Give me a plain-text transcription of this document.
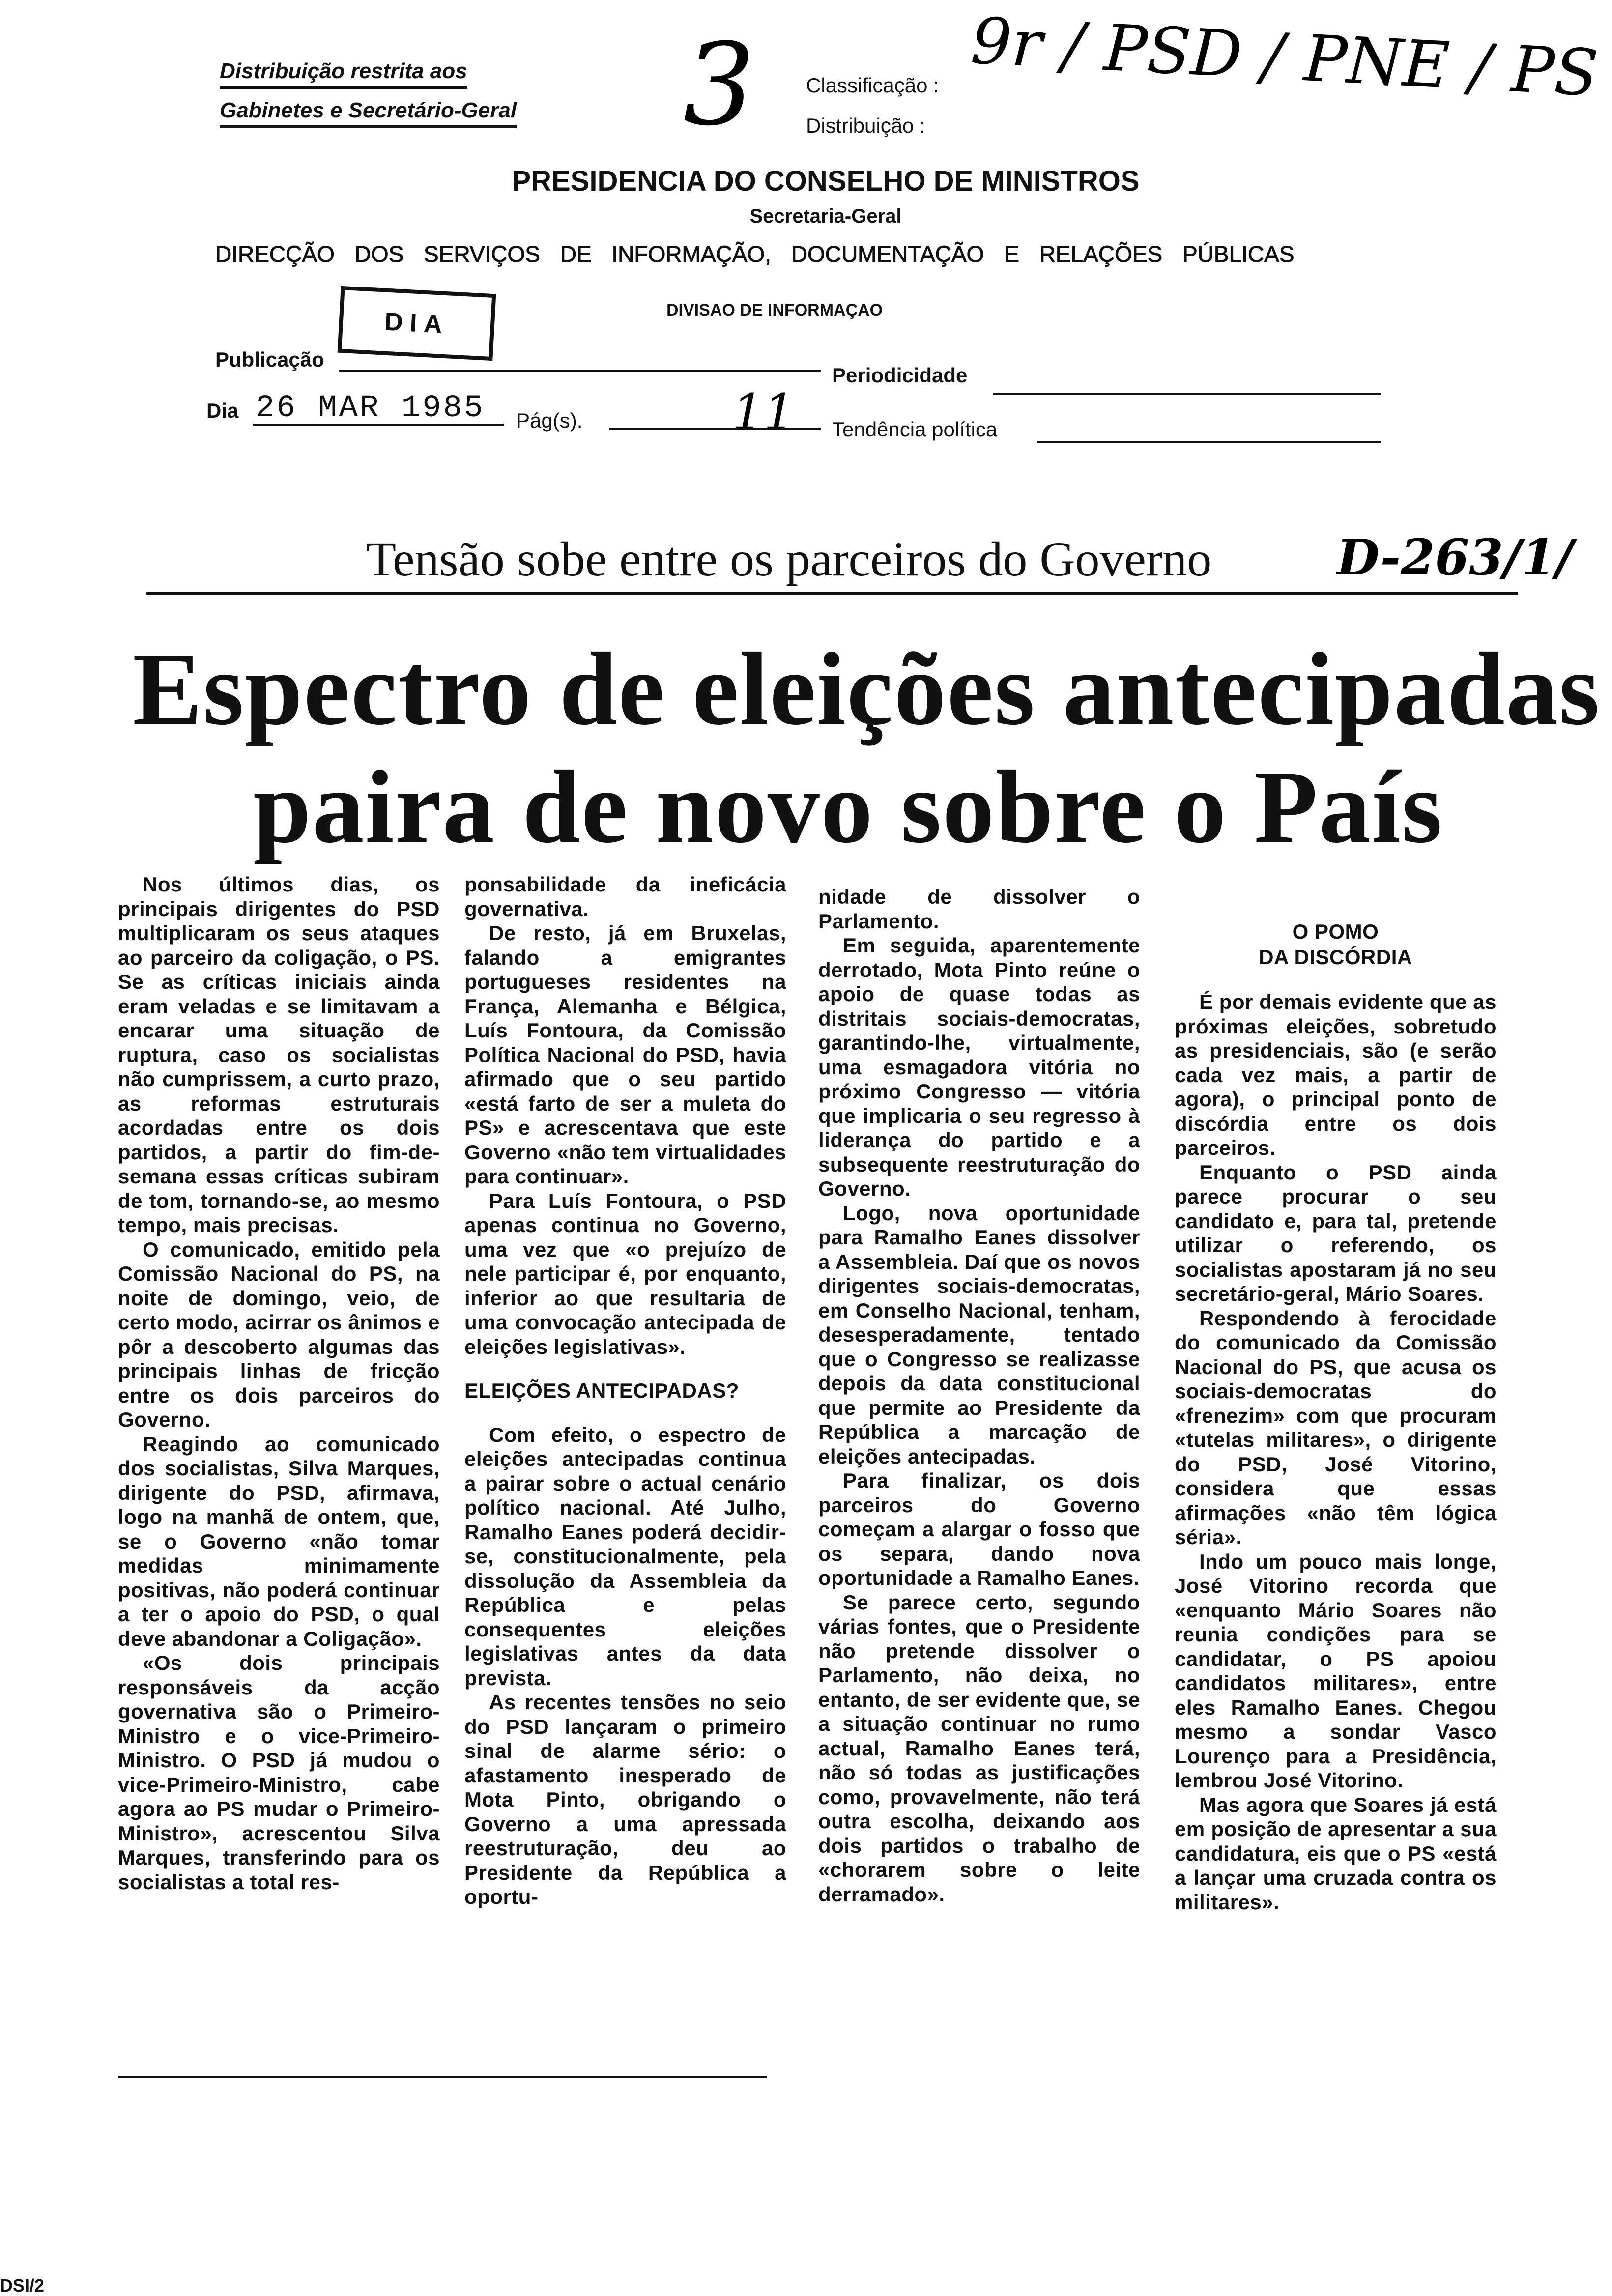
Distribuição restrita aos
Gabinetes e Secretário-Geral 3 Classificação :
Distribuição :
9r / PSD / PNE / PS
PRESIDENCIA DO CONSELHO DE MINISTROS
Secretaria-Geral
DIRECÇÃO DOS SERVIÇOS DE INFORMAÇÃO, DOCUMENTAÇÃO E RELAÇÕES PÚBLICAS
DIVISAO DE INFORMAÇAO
DIA
Publicação
Periodicidade
Dia 26 MAR 1985 Pág(s).	11 Tendência política
Tensão sobe entre os parceiros do Governo	D-263/1/
Espectro de eleições antecipadas
paira de novo sobre o País

Nos últimos dias, os principais dirigentes do PSD multiplicaram os seus ataques ao parceiro da coligação, o PS. Se as críticas iniciais ainda eram veladas e se limitavam a encarar uma situação de ruptura, caso os socialistas não cumprissem, a curto prazo, as reformas estruturais acordadas entre os dois partidos, a partir do fim-de-semana essas críticas subiram de tom, tornando-se, ao mesmo tempo, mais precisas.

O comunicado, emitido pela Comissão Nacional do PS, na noite de domingo, veio, de certo modo, acirrar os ânimos e pôr a descoberto algumas das principais linhas de fricção entre os dois parceiros do Governo.

Reagindo ao comunicado dos socialistas, Silva Marques, dirigente do PSD, afirmava, logo na manhã de ontem, que, se o Governo «não tomar medidas minimamente positivas, não poderá continuar a ter o apoio do PSD, o qual deve abandonar a Coligação».

«Os dois principais responsáveis da acção governativa são o Primeiro-Ministro e o vice-Primeiro-Ministro. O PSD já mudou o vice-Primeiro-Ministro, cabe agora ao PS mudar o Primeiro-Ministro», acrescentou Silva Marques, transferindo para os socialistas a total res-

ponsabilidade da ineficácia governativa.

De resto, já em Bruxelas, falando a emigrantes portugueses residentes na França, Alemanha e Bélgica, Luís Fontoura, da Comissão Política Nacional do PSD, havia afirmado que o seu partido «está farto de ser a muleta do PS» e acrescentava que este Governo «não tem virtualidades para continuar».

Para Luís Fontoura, o PSD apenas continua no Governo, uma vez que «o prejuízo de nele participar é, por enquanto, inferior ao que resultaria de uma convocação antecipada de eleições legislativas».

ELEIÇÕES ANTECIPADAS?

Com efeito, o espectro de eleições antecipadas continua a pairar sobre o actual cenário político nacional. Até Julho, Ramalho Eanes poderá decidir-se, constitucionalmente, pela dissolução da Assembleia da República e pelas consequentes eleições legislativas antes da data prevista.

As recentes tensões no seio do PSD lançaram o primeiro sinal de alarme sério: o afastamento inesperado de Mota Pinto, obrigando o Governo a uma apressada reestruturação, deu ao Presidente da República a oportu-

nidade de dissolver o Parlamento.

Em seguida, aparentemente derrotado, Mota Pinto reúne o apoio de quase todas as distritais sociais-democratas, garantindo-lhe, virtualmente, uma esmagadora vitória no próximo Congresso — vitória que implicaria o seu regresso à liderança do partido e a subsequente reestruturação do Governo.

Logo, nova oportunidade para Ramalho Eanes dissolver a Assembleia. Daí que os novos dirigentes sociais-democratas, em Conselho Nacional, tenham, desesperadamente, tentado que o Congresso se realizasse depois da data constitucional que permite ao Presidente da República a marcação de eleições antecipadas.

Para finalizar, os dois parceiros do Governo começam a alargar o fosso que os separa, dando nova oportunidade a Ramalho Eanes.

Se parece certo, segundo várias fontes, que o Presidente não pretende dissolver o Parlamento, não deixa, no entanto, de ser evidente que, se a situação continuar no rumo actual, Ramalho Eanes terá, não só todas as justificações como, provavelmente, não terá outra escolha, deixando aos dois partidos o trabalho de «chorarem sobre o leite derramado».

O POMO
DA DISCÓRDIA

É por demais evidente que as próximas eleições, sobretudo as presidenciais, são (e serão cada vez mais, a partir de agora), o principal ponto de discórdia entre os dois parceiros.

Enquanto o PSD ainda parece procurar o seu candidato e, para tal, pretende utilizar o referendo, os socialistas apostaram já no seu secretário-geral, Mário Soares.

Respondendo à ferocidade do comunicado da Comissão Nacional do PS, que acusa os sociais-democratas do «frenezim» com que procuram «tutelas militares», o dirigente do PSD, José Vitorino, considera que essas afirmações «não têm lógica séria».

Indo um pouco mais longe, José Vitorino recorda que «enquanto Mário Soares não reunia condições para se candidatar, o PS apoiou candidatos militares», entre eles Ramalho Eanes. Chegou mesmo a sondar Vasco Lourenço para a Presidência, lembrou José Vitorino.

Mas agora que Soares já está em posição de apresentar a sua candidatura, eis que o PS «está a lançar uma cruzada contra os militares».

DSI/2
